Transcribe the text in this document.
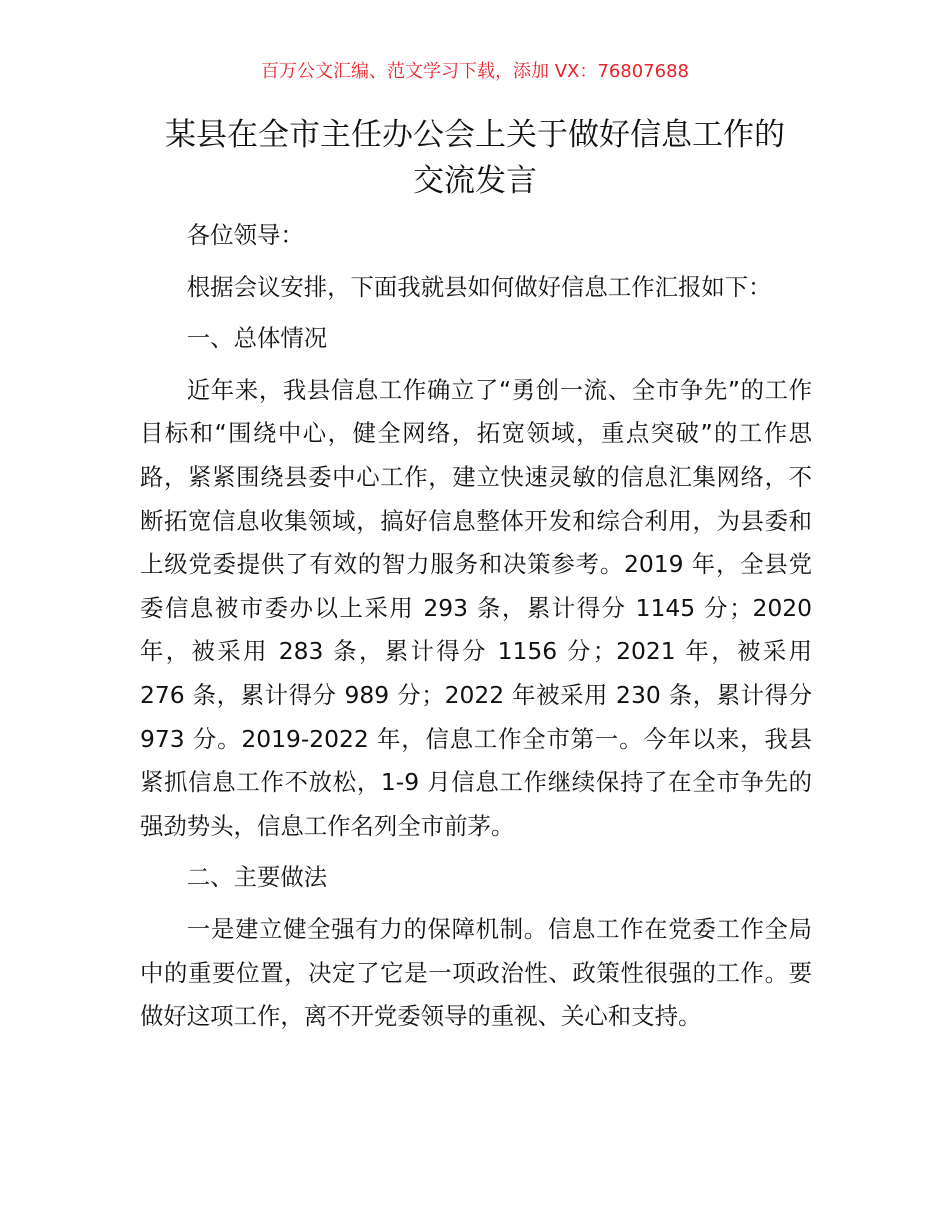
百万公文汇编、范文学习下载，添加 VX：76807688
某县在全市主任办公会上关于做好信息工作的
交流发言

各位领导：

根据会议安排，下面我就县如何做好信息工作汇报如下：

一、总体情况

近年来，我县信息工作确立了“勇创一流、全市争先”的工作目标和“围绕中心，健全网络，拓宽领域，重点突破”的工作思路，紧紧围绕县委中心工作，建立快速灵敏的信息汇集网络，不断拓宽信息收集领域，搞好信息整体开发和综合利用，为县委和上级党委提供了有效的智力服务和决策参考。2019 年，全县党委信息被市委办以上采用 293 条，累计得分 1145 分；2020 年，被采用 283 条，累计得分 1156 分；2021 年，被采用 276 条，累计得分 989 分；2022 年被采用 230 条，累计得分 973 分。2019-2022 年，信息工作全市第一。今年以来，我县紧抓信息工作不放松，1-9 月信息工作继续保持了在全市争先的强劲势头，信息工作名列全市前茅。

二、主要做法

一是建立健全强有力的保障机制。信息工作在党委工作全局中的重要位置，决定了它是一项政治性、政策性很强的工作。要做好这项工作，离不开党委领导的重视、关心和支持。
